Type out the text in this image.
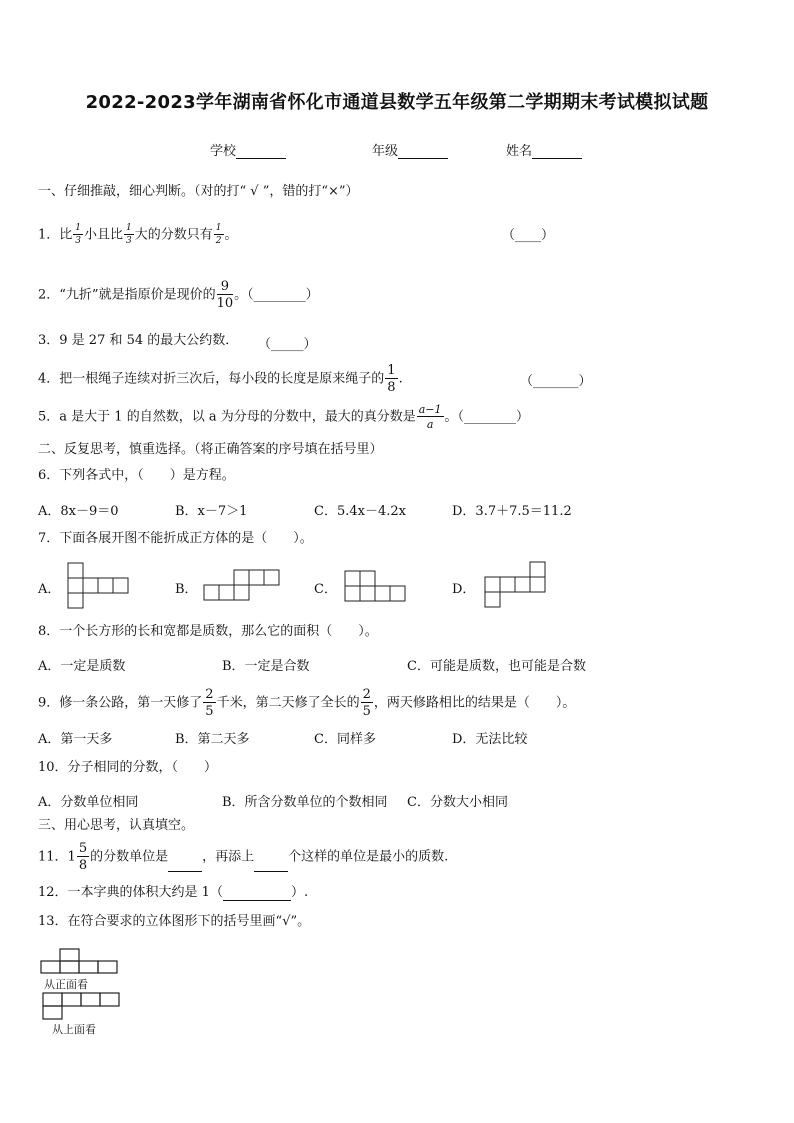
2022-2023学年湖南省怀化市通道县数学五年级第二学期期末考试模拟试题
学校	年级	姓名
一、仔细推敲，细心判断。（对的打“ √ ”，错的打“×”）
1．比 $\frac{1}{3}$ 小且比 $\frac{1}{3}$ 大的分数只有 $\frac{1}{2}$ 。	（____）
2．“九折”就是指原价是现价的 $\frac{9}{10}$ 。（________）
3．9 是 27 和 54 的最大公约数． （_____）
4．把一根绳子连续对折三次后，每小段的长度是原来绳子的 $\frac{1}{8}$ .	（_______）
5．a 是大于 1 的自然数，以 a 为分母的分数中，最大的真分数是 $\frac{a-1}{a}$ 。（________）
二、反复思考，慎重选择。（将正确答案的序号填在括号里）
6．下列各式中，（　　）是方程。
A．8x－9＝0	B．x－7＞1	C．5.4x－4.2x	D．3.7＋7.5＝11.2
7．下面各展开图不能折成正方体的是（　　）。
A．	B．	C．	D．
8．一个长方形的长和宽都是质数，那么它的面积（　　）。
A．一定是质数	B．一定是合数	C．可能是质数，也可能是合数
9．修一条公路，第一天修了 $\frac{2}{5}$ 千米，第二天修了全长的 $\frac{2}{5}$ ，两天修路相比的结果是（　　）。
A．第一天多	B．第二天多	C．同样多	D．无法比较
10．分子相同的分数，（　　）
A．分数单位相同	B．所含分数单位的个数相同 C．分数大小相同
三、用心思考，认真填空。
11．$1 \frac{5}{8}$ 的分数单位是	，再添上	个这样的单位是最小的质数.
12．一本字典的体积大约是 1（	）.
13．在符合要求的立体图形下的括号里画“√”。
从正面看
从上面看
